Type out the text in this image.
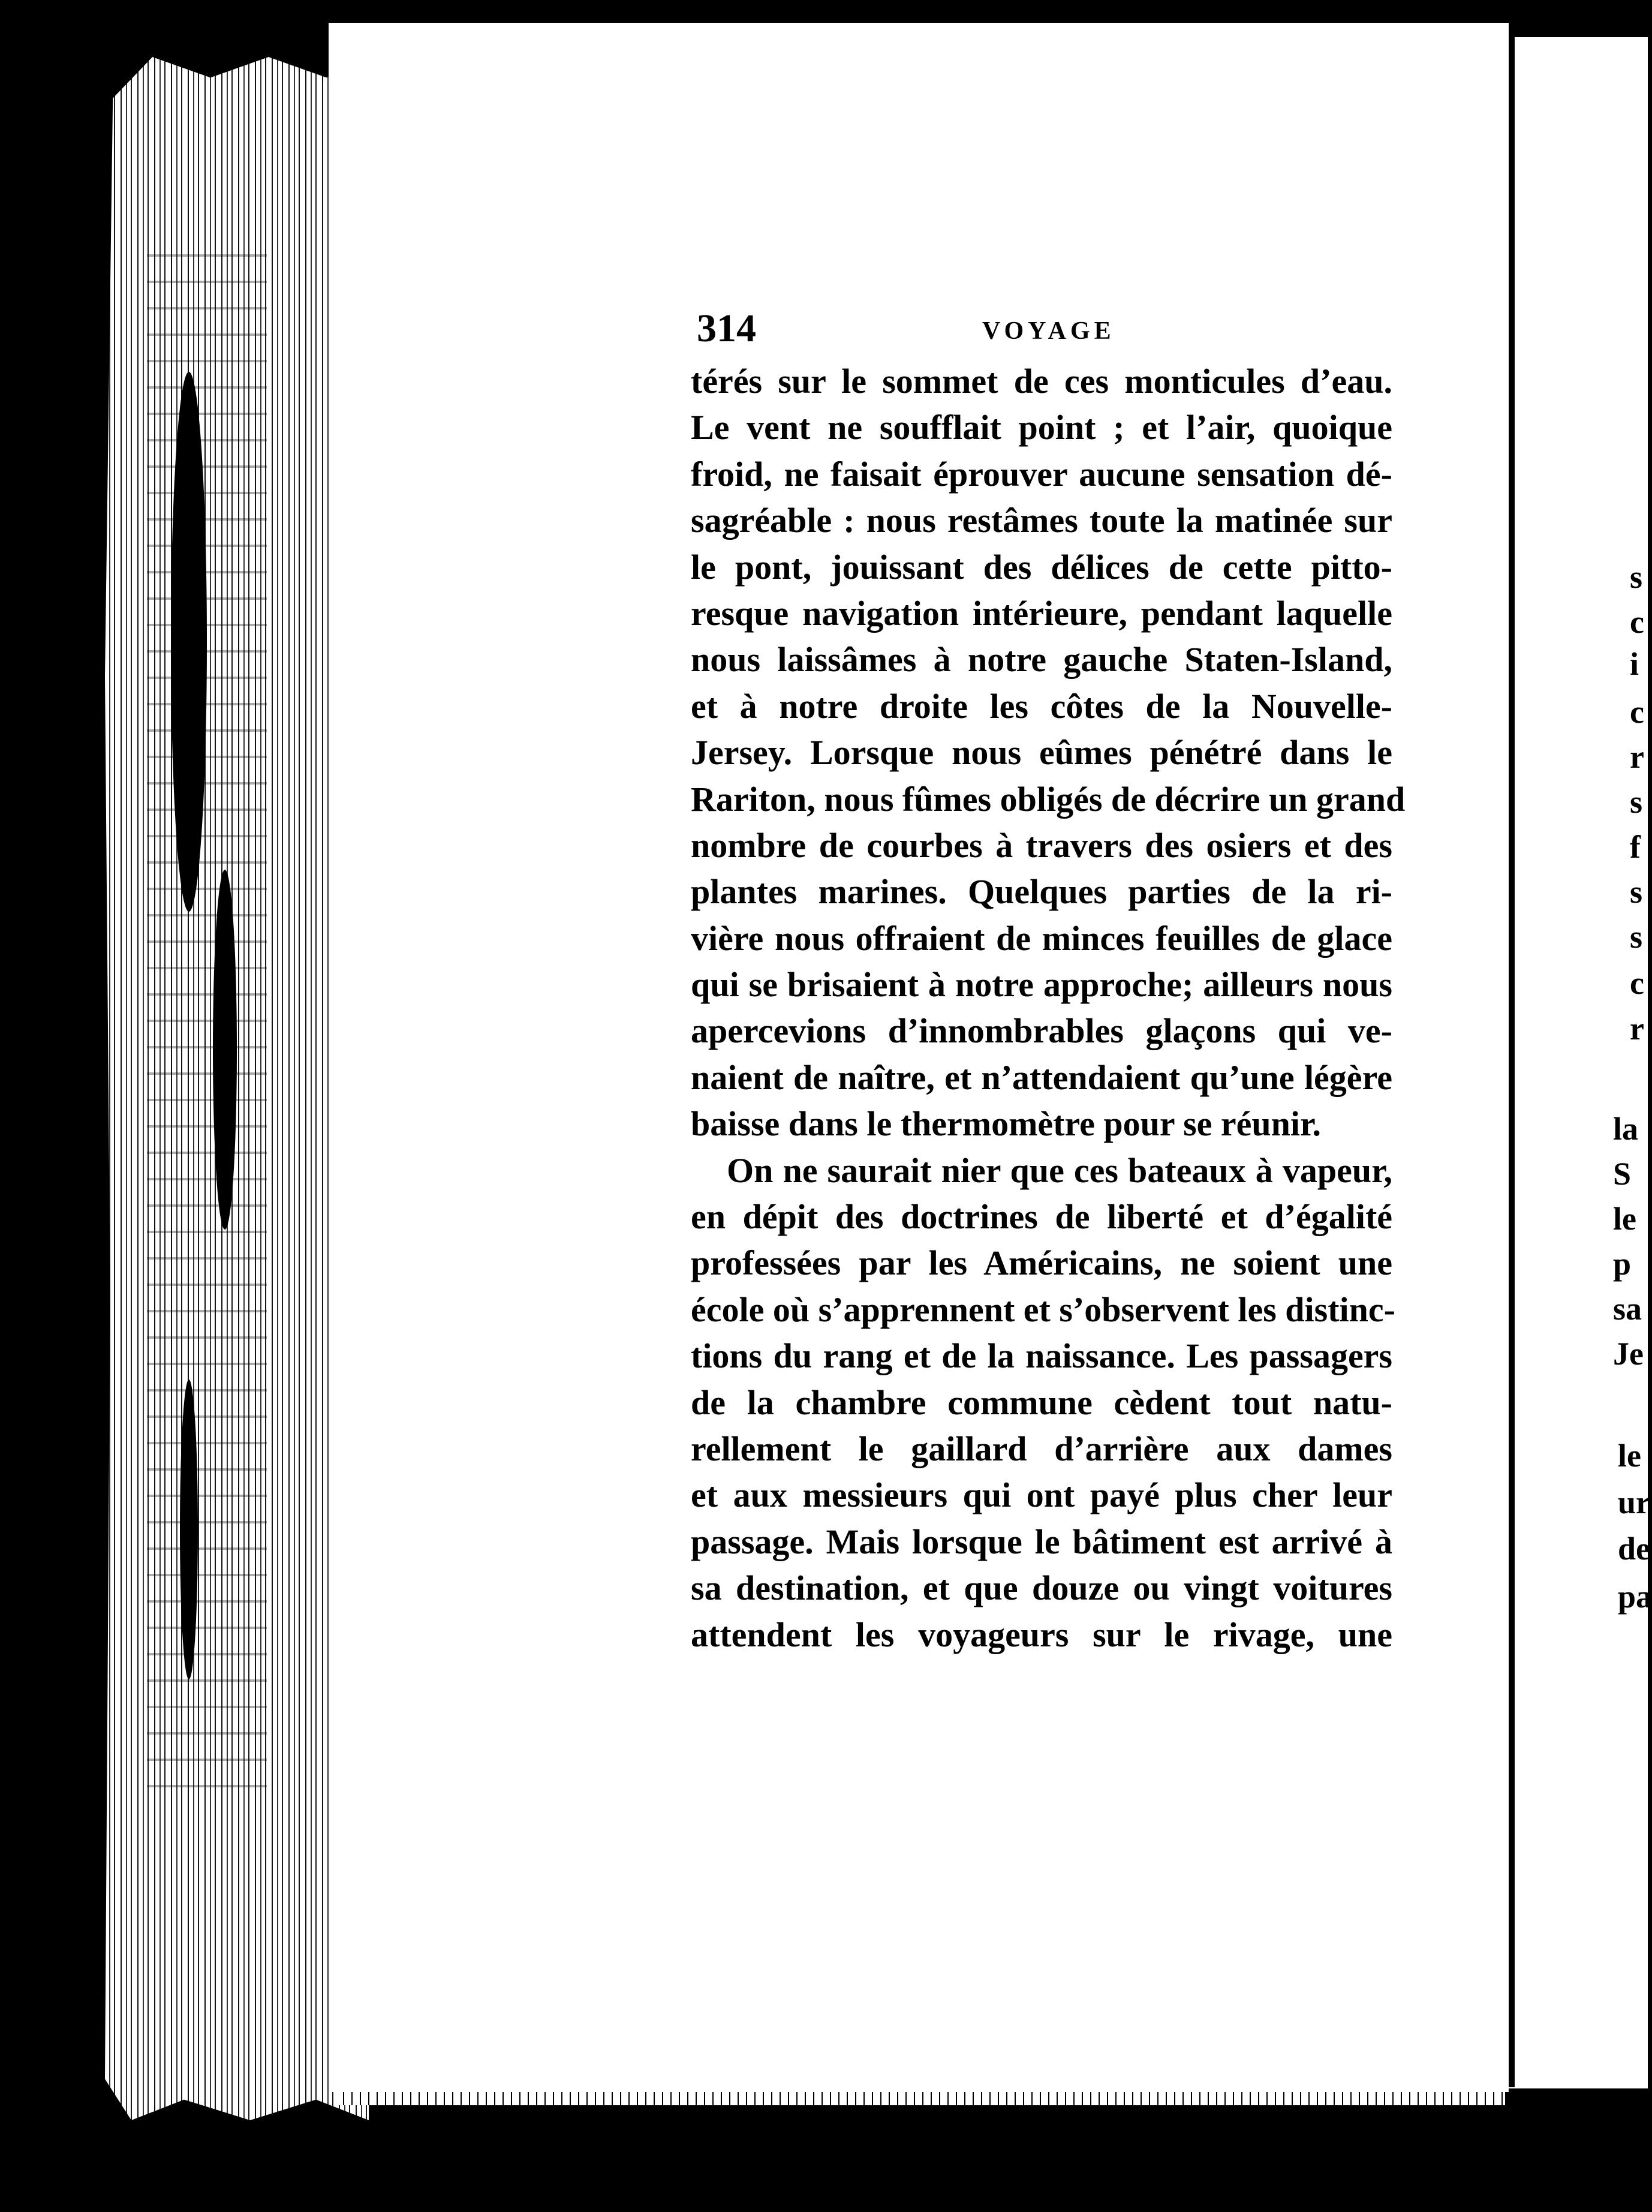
314	VOYAGE
térés sur le sommet de ces monticules d’eau.
Le vent ne soufflait point ; et l’air, quoique
froid, ne faisait éprouver aucune sensation dé-
sagréable : nous restâmes toute la matinée sur
le pont, jouissant des délices de cette pitto-
resque navigation intérieure, pendant laquelle
nous laissâmes à notre gauche Staten-Island,
et à notre droite les côtes de la Nouvelle-
Jersey. Lorsque nous eûmes pénétré dans le
Rariton, nous fûmes obligés de décrire un grand
nombre de courbes à travers des osiers et des
plantes marines. Quelques parties de la ri-
vière nous offraient de minces feuilles de glace
qui se brisaient à notre approche; ailleurs nous
apercevions d’innombrables glaçons qui ve-
naient de naître, et n’attendaient qu’une légère
baisse dans le thermomètre pour se réunir.
On ne saurait nier que ces bateaux à vapeur,
en dépit des doctrines de liberté et d’égalité
professées par les Américains, ne soient une
école où s’apprennent et s’observent les distinc-
tions du rang et de la naissance. Les passagers
de la chambre commune cèdent tout natu-
rellement le gaillard d’arrière aux dames
et aux messieurs qui ont payé plus cher leur
passage. Mais lorsque le bâtiment est arrivé à
sa destination, et que douze ou vingt voitures
attendent les voyageurs sur le rivage, une
s
c
i
c
r
s
f
s
s
c
r
la
S
le
p
sa
Je
le
ur
de
pa
